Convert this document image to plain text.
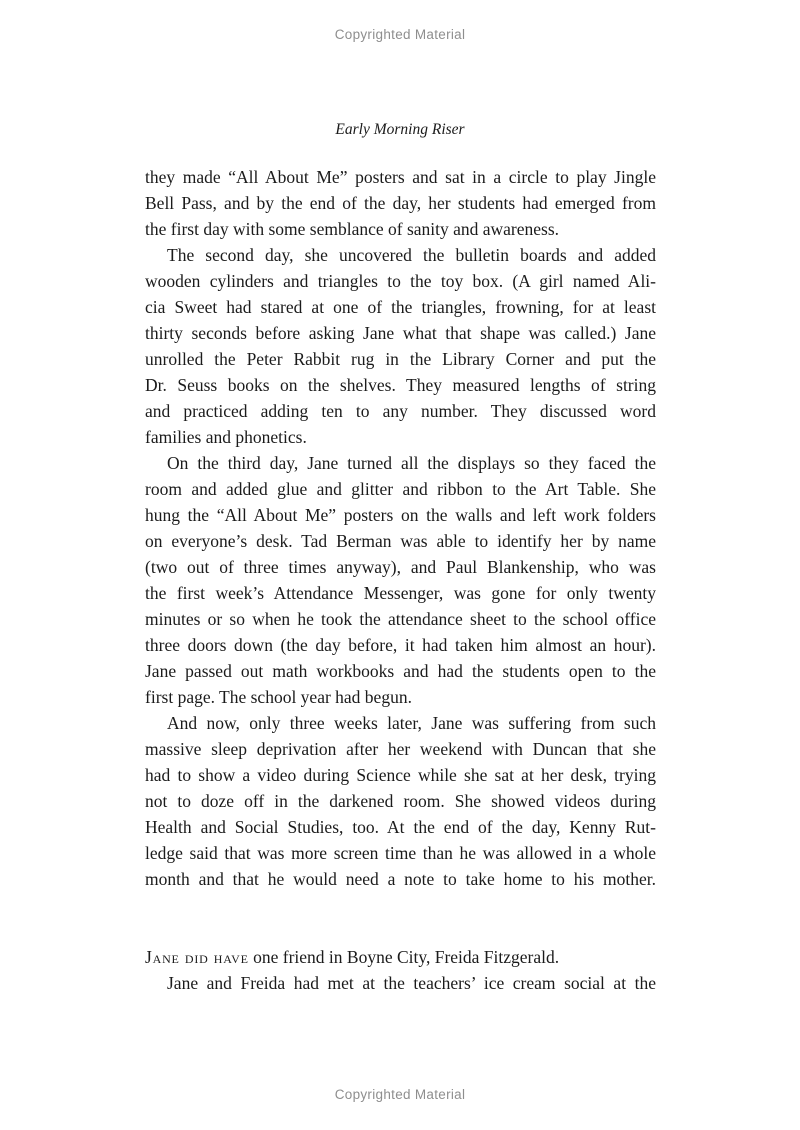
Copyrighted Material
Early Morning Riser
they made “All About Me” posters and sat in a circle to play Jingle
Bell Pass, and by the end of the day, her students had emerged from
the first day with some semblance of sanity and awareness.
The second day, she uncovered the bulletin boards and added
wooden cylinders and triangles to the toy box. (A girl named Ali-
cia Sweet had stared at one of the triangles, frowning, for at least
thirty seconds before asking Jane what that shape was called.) Jane
unrolled the Peter Rabbit rug in the Library Corner and put the
Dr. Seuss books on the shelves. They measured lengths of string
and practiced adding ten to any number. They discussed word
families and phonetics.
On the third day, Jane turned all the displays so they faced the
room and added glue and glitter and ribbon to the Art Table. She
hung the “All About Me” posters on the walls and left work folders
on everyone’s desk. Tad Berman was able to identify her by name
(two out of three times anyway), and Paul Blankenship, who was
the first week’s Attendance Messenger, was gone for only twenty
minutes or so when he took the attendance sheet to the school office
three doors down (the day before, it had taken him almost an hour).
Jane passed out math workbooks and had the students open to the
first page. The school year had begun.
And now, only three weeks later, Jane was suffering from such
massive sleep deprivation after her weekend with Duncan that she
had to show a video during Science while she sat at her desk, trying
not to doze off in the darkened room. She showed videos during
Health and Social Studies, too. At the end of the day, Kenny Rut-
ledge said that was more screen time than he was allowed in a whole
month and that he would need a note to take home to his mother.
Jane did have one friend in Boyne City, Freida Fitzgerald.
Jane and Freida had met at the teachers’ ice cream social at the
Copyrighted Material
